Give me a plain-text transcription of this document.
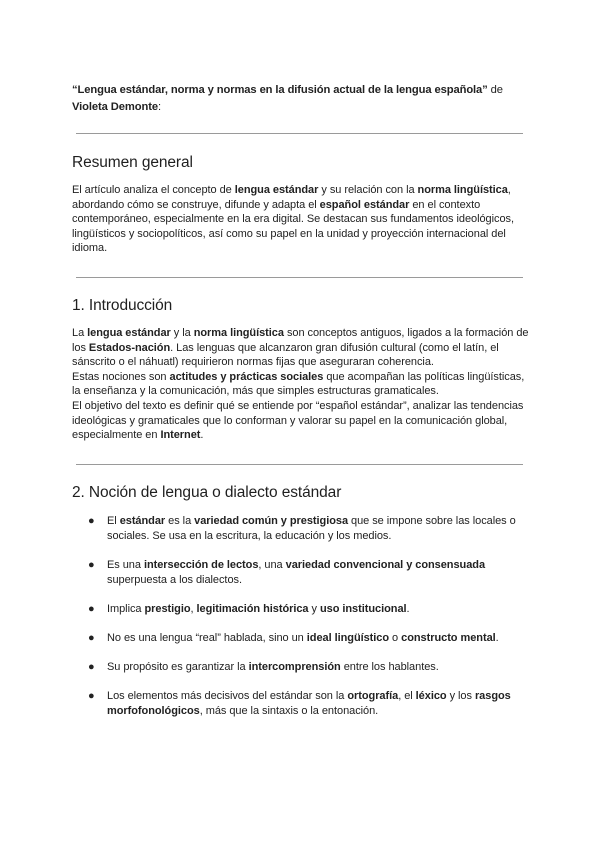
“Lengua estándar, norma y normas en la difusión actual de la lengua española” de
Violeta Demonte:
Resumen general

El artículo analiza el concepto de lengua estándar y su relación con la norma lingüística, abordando cómo se construye, difunde y adapta el español estándar en el contexto contemporáneo, especialmente en la era digital. Se destacan sus fundamentos ideológicos, lingüísticos y sociopolíticos, así como su papel en la unidad y proyección internacional del idioma.

1. Introducción

La lengua estándar y la norma lingüística son conceptos antiguos, ligados a la formación de los Estados-nación. Las lenguas que alcanzaron gran difusión cultural (como el latín, el sánscrito o el náhuatl) requirieron normas fijas que aseguraran coherencia.

Estas nociones son actitudes y prácticas sociales que acompañan las políticas lingüísticas, la enseñanza y la comunicación, más que simples estructuras gramaticales.

El objetivo del texto es definir qué se entiende por “español estándar”, analizar las tendencias ideológicas y gramaticales que lo conforman y valorar su papel en la comunicación global, especialmente en Internet.

2. Noción de lengua o dialecto estándar
● El estándar es la variedad común y prestigiosa que se impone sobre las locales o sociales. Se usa en la escritura, la educación y los medios.
● Es una intersección de lectos, una variedad convencional y consensuada superpuesta a los dialectos.
● Implica prestigio, legitimación histórica y uso institucional.
● No es una lengua “real” hablada, sino un ideal lingüístico o constructo mental.
● Su propósito es garantizar la intercomprensión entre los hablantes.
● Los elementos más decisivos del estándar son la ortografía, el léxico y los rasgos morfofonológicos, más que la sintaxis o la entonación.
